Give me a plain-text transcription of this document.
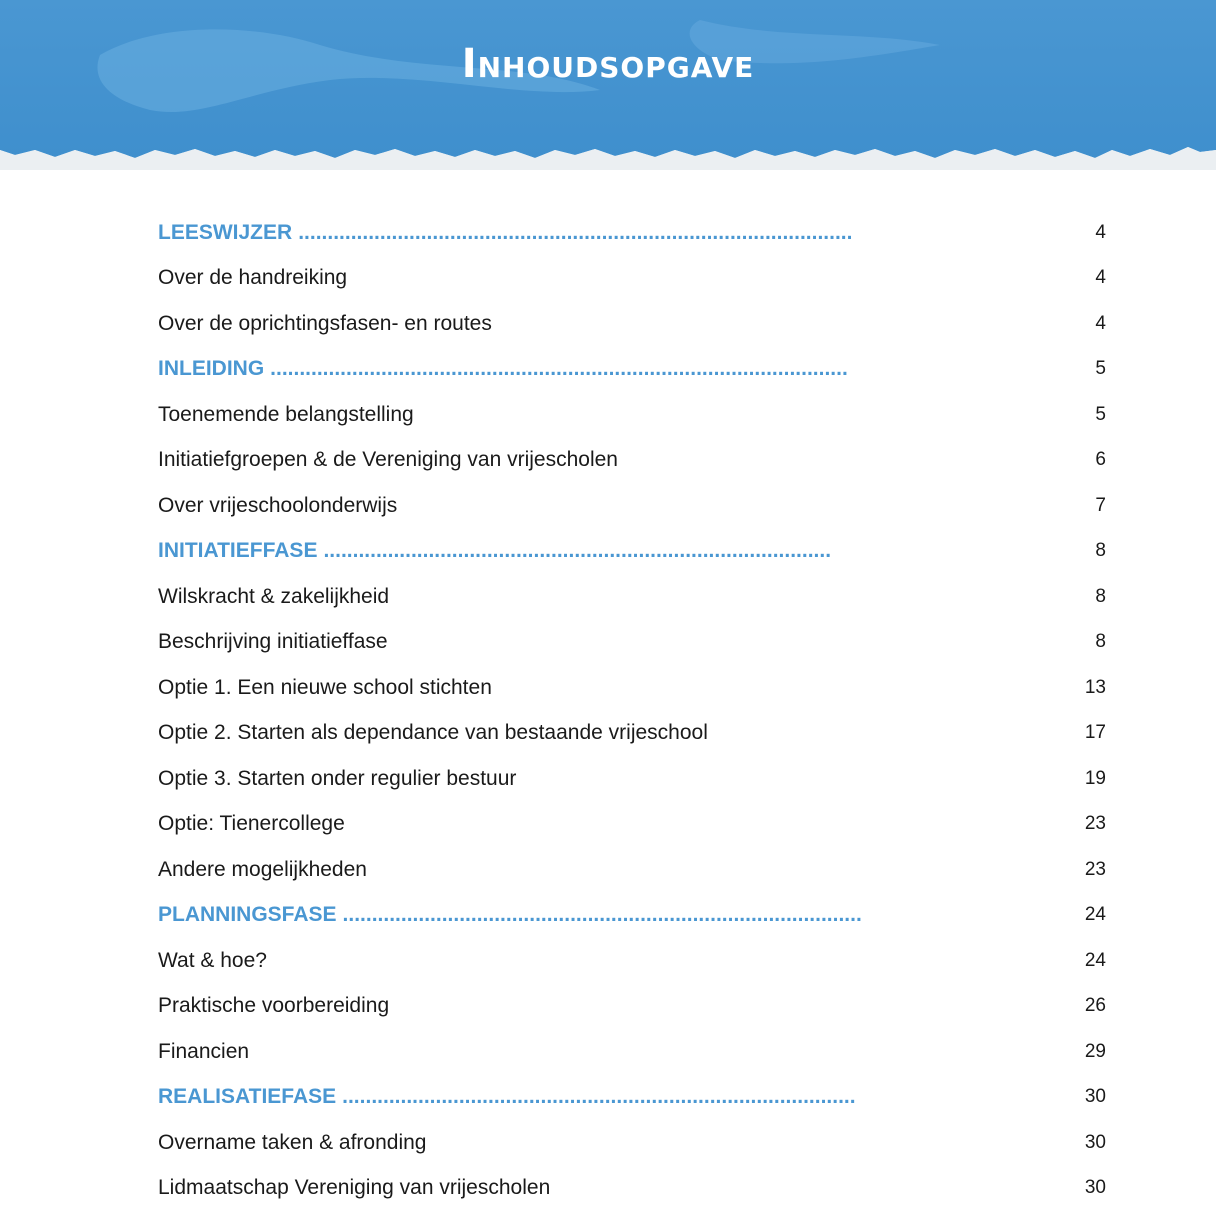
Inhoudsopgave
LEESWIJZER ...............................................................................................	4
Over de handreiking	4
Over de oprichtingsfasen- en routes	4
INLEIDING ...................................................................................................	5
Toenemende belangstelling	5
Initiatiefgroepen & de Vereniging van vrijescholen	6
Over vrijeschoolonderwijs	7
INITIATIEFFASE .......................................................................................	8
Wilskracht & zakelijkheid	8
Beschrijving initiatieffase	8
Optie 1. Een nieuwe school stichten	13
Optie 2. Starten als dependance van bestaande vrijeschool	17
Optie 3. Starten onder regulier bestuur	19
Optie: Tienercollege	23
Andere mogelijkheden	23
PLANNINGSFASE .........................................................................................	24
Wat & hoe?	24
Praktische voorbereiding	26
Financien	29
REALISATIEFASE ........................................................................................	30
Overname taken & afronding	30
Lidmaatschap Vereniging van vrijescholen	30
